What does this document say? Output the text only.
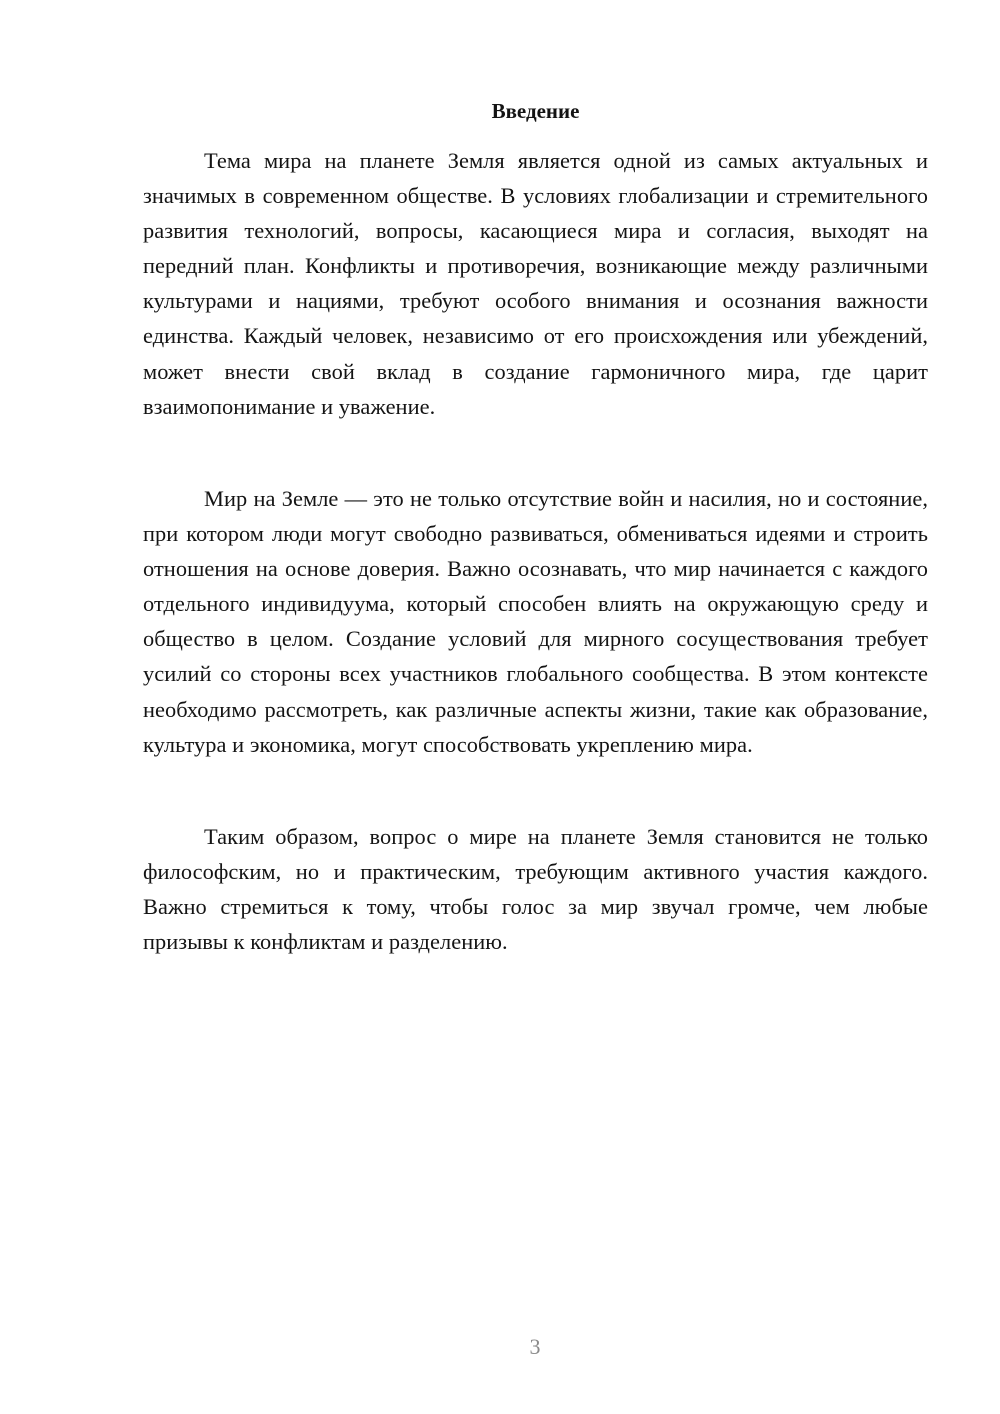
Введение

Тема мира на планете Земля является одной из самых актуальных и значимых в современном обществе. В условиях глобализации и стремительного развития технологий, вопросы, касающиеся мира и согласия, выходят на передний план. Конфликты и противоречия, возникающие между различными культурами и нациями, требуют особого внимания и осознания важности единства. Каждый человек, независимо от его происхождения или убеждений, может внести свой вклад в создание гармоничного мира, где царит взаимопонимание и уважение.

Мир на Земле — это не только отсутствие войн и насилия, но и состояние, при котором люди могут свободно развиваться, обмениваться идеями и строить отношения на основе доверия. Важно осознавать, что мир начинается с каждого отдельного индивидуума, который способен влиять на окружающую среду и общество в целом. Создание условий для мирного сосуществования требует усилий со стороны всех участников глобального сообщества. В этом контексте необходимо рассмотреть, как различные аспекты жизни, такие как образование, культура и экономика, могут способствовать укреплению мира.

Таким образом, вопрос о мире на планете Земля становится не только философским, но и практическим, требующим активного участия каждого. Важно стремиться к тому, чтобы голос за мир звучал громче, чем любые призывы к конфликтам и разделению.

3
